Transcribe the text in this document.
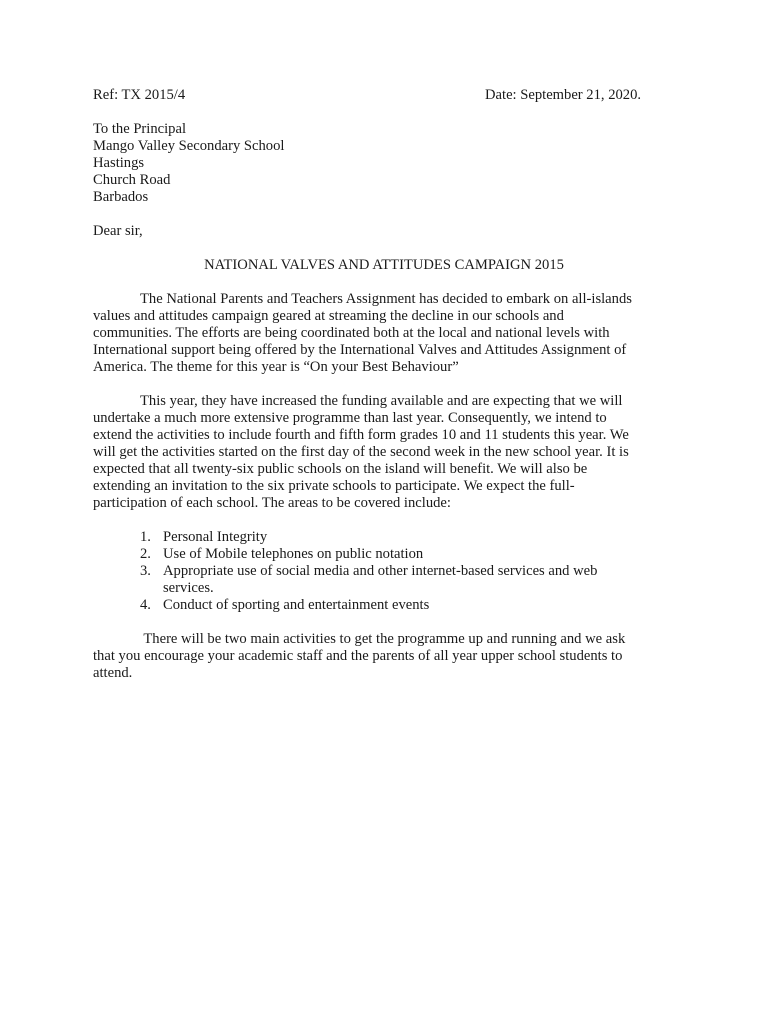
Ref: TX 2015/4	Date: September 21, 2020.
To the Principal
Mango Valley Secondary School
Hastings
Church Road
Barbados
Dear sir,
NATIONAL VALVES AND ATTITUDES CAMPAIGN 2015
The National Parents and Teachers Assignment has decided to embark on all-islands
values and attitudes campaign geared at streaming the decline in our schools and
communities. The efforts are being coordinated both at the local and national levels with
International support being offered by the International Valves and Attitudes Assignment of
America. The theme for this year is “On your Best Behaviour”
This year, they have increased the funding available and are expecting that we will
undertake a much more extensive programme than last year. Consequently, we intend to
extend the activities to include fourth and fifth form grades 10 and 11 students this year. We
will get the activities started on the first day of the second week in the new school year. It is
expected that all twenty-six public schools on the island will benefit. We will also be
extending an invitation to the six private schools to participate. We expect the full-
participation of each school. The areas to be covered include:
1. Personal Integrity
2. Use of Mobile telephones on public notation
3. Appropriate use of social media and other internet-based services and web
services.
4. Conduct of sporting and entertainment events
There will be two main activities to get the programme up and running and we ask
that you encourage your academic staff and the parents of all year upper school students to
attend.
